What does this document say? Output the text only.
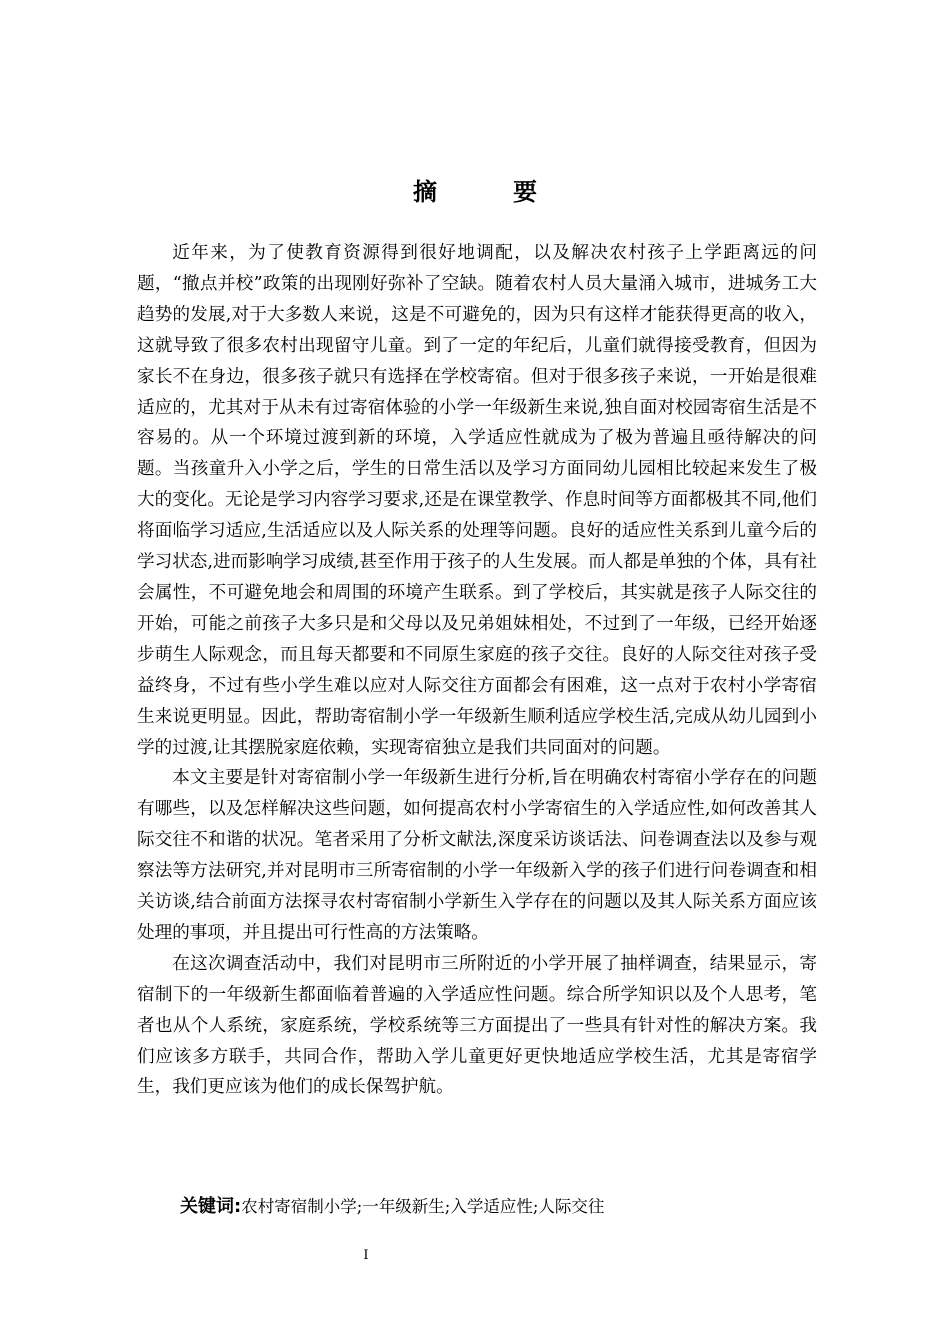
摘　要

近年来，为了使教育资源得到很好地调配，以及解决农村孩子上学距离远的问题，“撤点并校”政策的出现刚好弥补了空缺。随着农村人员大量涌入城市，进城务工大趋势的发展,对于大多数人来说，这是不可避免的，因为只有这样才能获得更高的收入，这就导致了很多农村出现留守儿童。到了一定的年纪后，儿童们就得接受教育，但因为家长不在身边，很多孩子就只有选择在学校寄宿。但对于很多孩子来说，一开始是很难适应的，尤其对于从未有过寄宿体验的小学一年级新生来说,独自面对校园寄宿生活是不容易的。从一个环境过渡到新的环境，入学适应性就成为了极为普遍且亟待解决的问题。当孩童升入小学之后，学生的日常生活以及学习方面同幼儿园相比较起来发生了极大的变化。无论是学习内容学习要求,还是在课堂教学、作息时间等方面都极其不同,他们将面临学习适应,生活适应以及人际关系的处理等问题。良好的适应性关系到儿童今后的学习状态,进而影响学习成绩,甚至作用于孩子的人生发展。而人都是单独的个体，具有社会属性，不可避免地会和周围的环境产生联系。到了学校后，其实就是孩子人际交往的开始，可能之前孩子大多只是和父母以及兄弟姐妹相处，不过到了一年级，已经开始逐步萌生人际观念，而且每天都要和不同原生家庭的孩子交往。良好的人际交往对孩子受益终身，不过有些小学生难以应对人际交往方面都会有困难，这一点对于农村小学寄宿生来说更明显。因此，帮助寄宿制小学一年级新生顺利适应学校生活,完成从幼儿园到小学的过渡,让其摆脱家庭依赖，实现寄宿独立是我们共同面对的问题。

本文主要是针对寄宿制小学一年级新生进行分析,旨在明确农村寄宿小学存在的问题有哪些，以及怎样解决这些问题，如何提高农村小学寄宿生的入学适应性,如何改善其人际交往不和谐的状况。笔者采用了分析文献法,深度采访谈话法、问卷调查法以及参与观察法等方法研究,并对昆明市三所寄宿制的小学一年级新入学的孩子们进行问卷调查和相关访谈,结合前面方法探寻农村寄宿制小学新生入学存在的问题以及其人际关系方面应该处理的事项，并且提出可行性高的方法策略。

在这次调查活动中，我们对昆明市三所附近的小学开展了抽样调查，结果显示，寄宿制下的一年级新生都面临着普遍的入学适应性问题。综合所学知识以及个人思考，笔者也从个人系统，家庭系统，学校系统等三方面提出了一些具有针对性的解决方案。我们应该多方联手，共同合作，帮助入学儿童更好更快地适应学校生活，尤其是寄宿学生，我们更应该为他们的成长保驾护航。

关键词:农村寄宿制小学;一年级新生;入学适应性;人际交往
I
